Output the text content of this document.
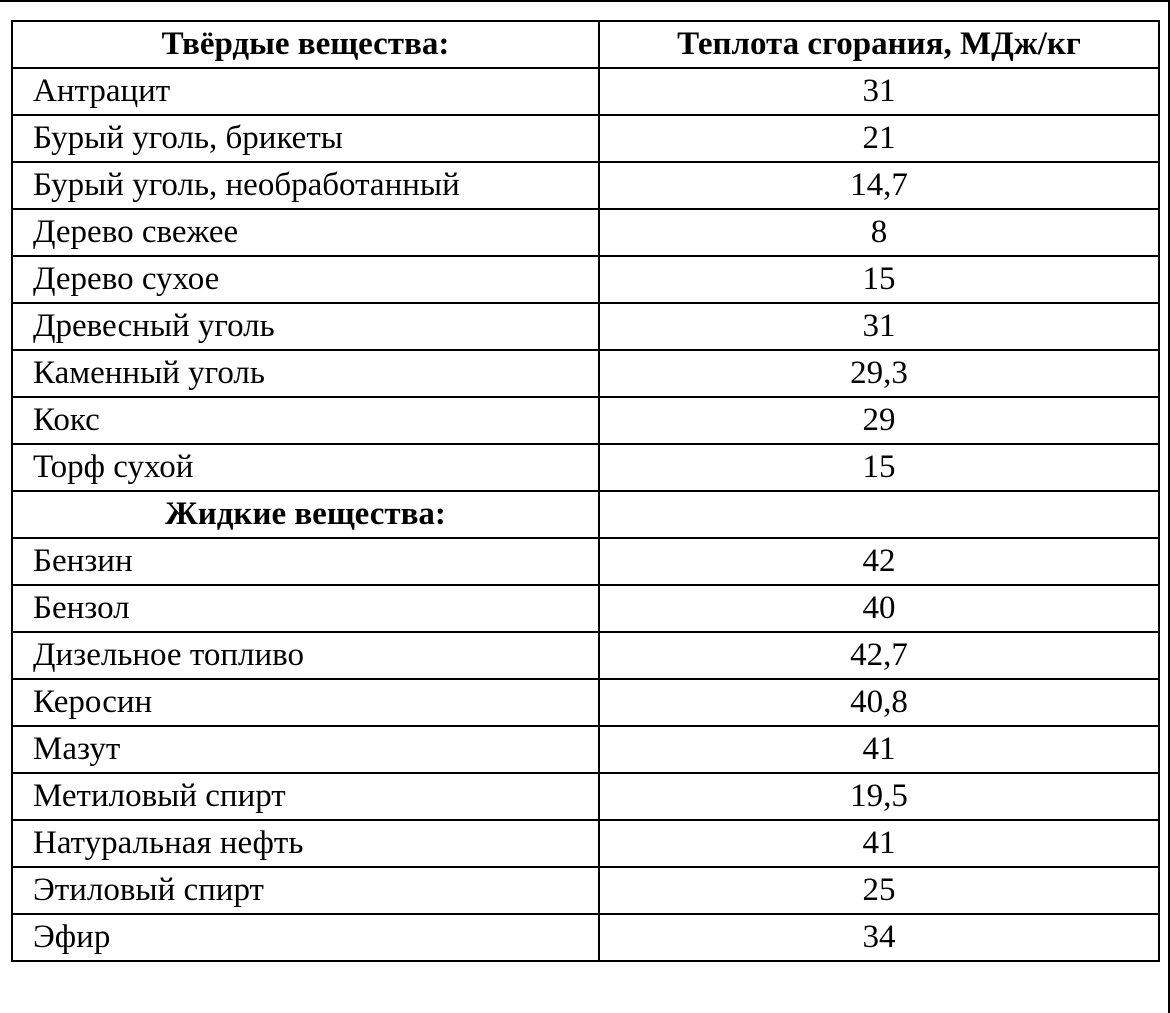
Твёрдые вещества:	Теплота сгорания, МДж/кг
Антрацит	31
Бурый уголь, брикеты	21
Бурый уголь, необработанный	14,7
Дерево свежее	8
Дерево сухое	15
Древесный уголь	31
Каменный уголь	29,3
Кокс	29
Торф сухой	15
Жидкие вещества:	
Бензин	42
Бензол	40
Дизельное топливо	42,7
Керосин	40,8
Мазут	41
Метиловый спирт	19,5
Натуральная нефть	41
Этиловый спирт	25
Эфир	34
